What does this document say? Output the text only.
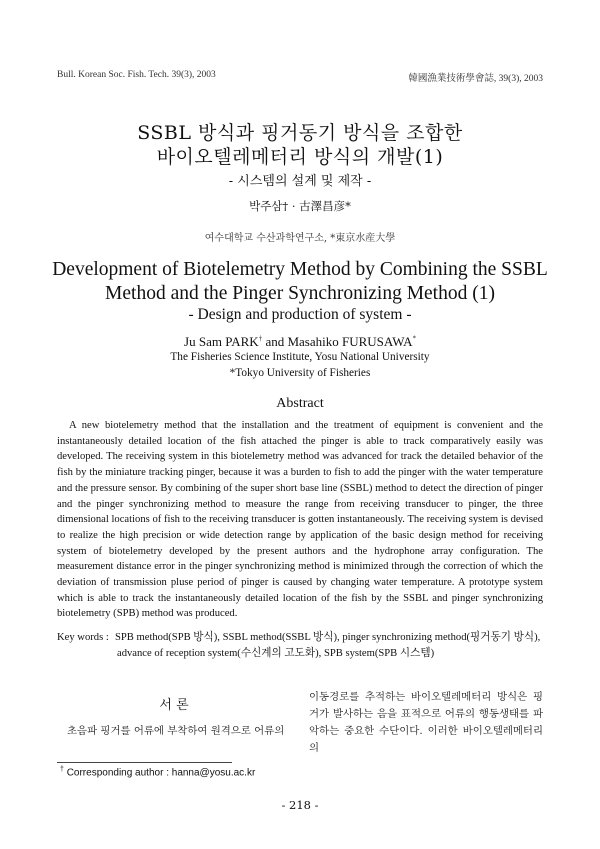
Bull. Korean Soc. Fish. Tech. 39(3), 2003	韓國漁業技術學會誌, 39(3), 2003
SSBL 방식과 핑거동기 방식을 조합한
바이오텔레메터리 방식의 개발(1)
- 시스템의 설계 및 제작 -
박주삼† · 古澤昌彦*
여수대학교 수산과학연구소, *東京水産大學
Development of Biotelemetry Method by Combining the SSBL
Method and the Pinger Synchronizing Method (1)
- Design and production of system -
Ju Sam PARK† and Masahiko FURUSAWA*
The Fisheries Science Institute, Yosu National University
*Tokyo University of Fisheries
Abstract
A new biotelemetry method that the installation and the treatment of equipment is convenient and the instantaneously detailed location of the fish attached the pinger is able to track comparatively easily was developed. The receiving system in this biotelemetry method was advanced for track the detailed behavior of the fish by the miniature tracking pinger, because it was a burden to fish to add the pinger with the water temperature and the pressure sensor. By combining of the super short base line (SSBL) method to detect the direction of pinger and the pinger synchronizing method to measure the range from receiving transducer to pinger, the three dimensional locations of fish to the receiving transducer is gotten instantaneously. The receiving system is devised to realize the high precision or wide detection range by application of the basic design method for receiving system of biotelemetry developed by the present authors and the hydrophone array configuration. The measurement distance error in the pinger synchronizing method is minimized through the correction of which the deviation of transmission pluse period of pinger is caused by changing water temperature. A prototype system which is able to track the instantaneously detailed location of the fish by the SSBL and pinger synchronizing biotelemetry (SPB) method was produced.
Key words : SPB method(SPB 방식), SSBL method(SSBL 방식), pinger synchronizing method(핑거동기 방식), advance of reception system(수신계의 고도화), SPB system(SPB 시스템)
서 론
초음파 핑거를 어류에 부착하여 원격으로 어류의
이동경로를 추적하는 바이오텔레메터리 방식은 핑거가 발사하는 음을 표적으로 어류의 행동생태를 파악하는 중요한 수단이다. 이러한 바이오텔레메터리의
† Corresponding author : hanna@yosu.ac.kr
- 218 -
